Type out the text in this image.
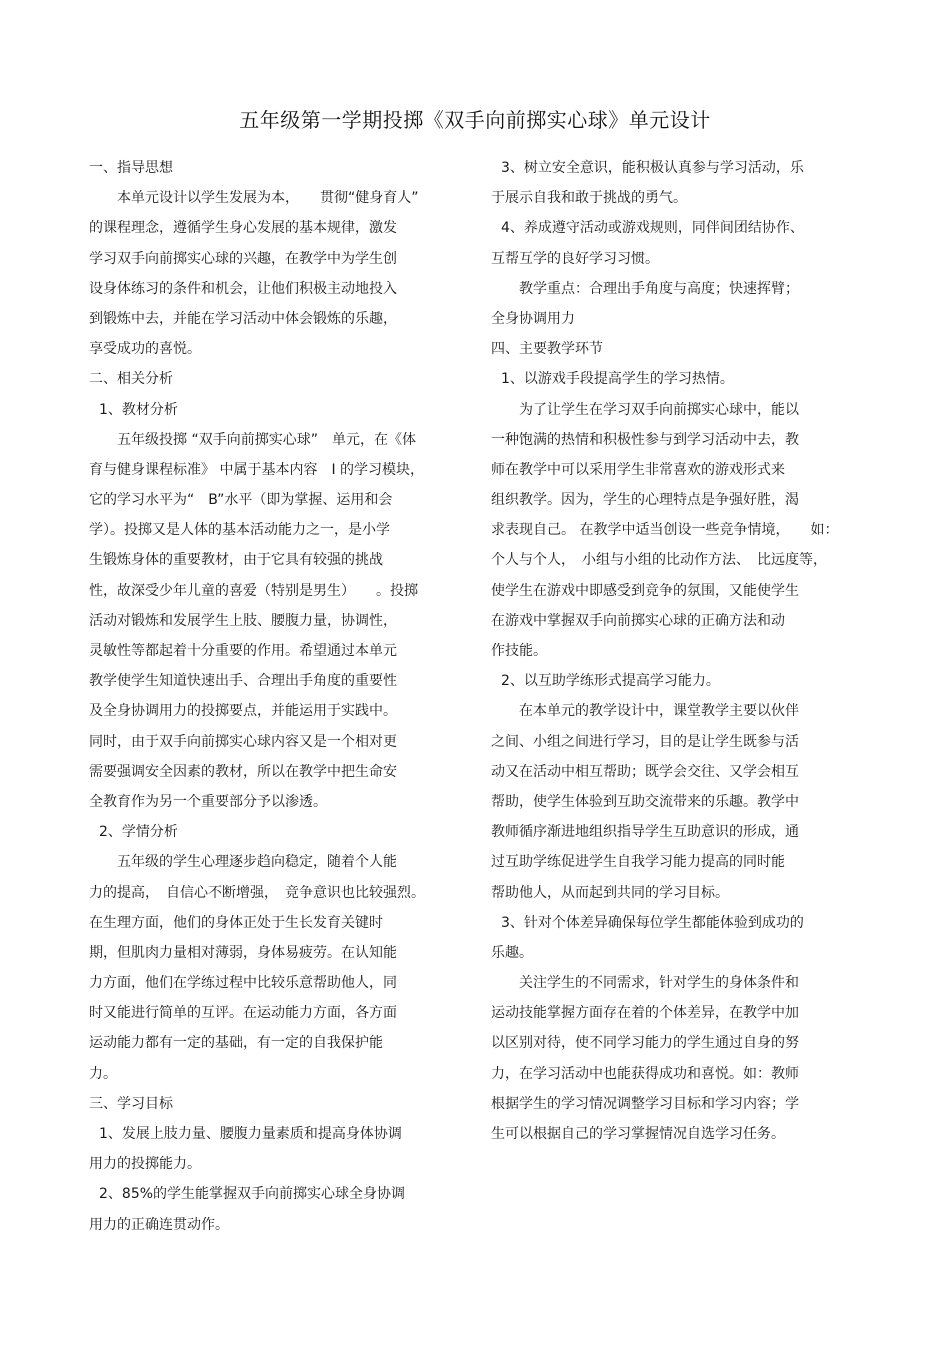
五年级第一学期投掷《双手向前掷实心球》单元设计
一、指导思想
本单元设计以学生发展为本，　　贯彻“健身育人”
的课程理念，遵循学生身心发展的基本规律，激发
学习双手向前掷实心球的兴趣，在教学中为学生创
设身体练习的条件和机会，让他们积极主动地投入
到锻炼中去，并能在学习活动中体会锻炼的乐趣，
享受成功的喜悦。
二、相关分析
1、教材分析
五年级投掷 “双手向前掷实心球”　单元，在《体
育与健身课程标准》 中属于基本内容　Ⅰ 的学习模块，
它的学习水平为“　B”水平（即为掌握、运用和会
学）。投掷又是人体的基本活动能力之一，是小学
生锻炼身体的重要教材，由于它具有较强的挑战
性，故深受少年儿童的喜爱（特别是男生）　　。投掷
活动对锻炼和发展学生上肢、腰腹力量，协调性，
灵敏性等都起着十分重要的作用。希望通过本单元
教学使学生知道快速出手、合理出手角度的重要性
及全身协调用力的投掷要点，并能运用于实践中。
同时，由于双手向前掷实心球内容又是一个相对更
需要强调安全因素的教材，所以在教学中把生命安
全教育作为另一个重要部分予以渗透。
2、学情分析
五年级的学生心理逐步趋向稳定，随着个人能
力的提高，　自信心不断增强，　竞争意识也比较强烈。
在生理方面，他们的身体正处于生长发育关键时
期，但肌肉力量相对薄弱，身体易疲劳。在认知能
力方面，他们在学练过程中比较乐意帮助他人，同
时又能进行简单的互评。在运动能力方面，各方面
运动能力都有一定的基础，有一定的自我保护能
力。
三、学习目标
1、发展上肢力量、腰腹力量素质和提高身体协调
用力的投掷能力。
2、85%的学生能掌握双手向前掷实心球全身协调
用力的正确连贯动作。
3、树立安全意识，能积极认真参与学习活动，乐
于展示自我和敢于挑战的勇气。
4、养成遵守活动或游戏规则，同伴间团结协作、
互帮互学的良好学习习惯。
教学重点：合理出手角度与高度；快速挥臂；
全身协调用力
四、主要教学环节
1、以游戏手段提高学生的学习热情。
为了让学生在学习双手向前掷实心球中，能以
一种饱满的热情和积极性参与到学习活动中去，教
师在教学中可以采用学生非常喜欢的游戏形式来
组织教学。因为，学生的心理特点是争强好胜，渴
求表现自己。 在教学中适当创设一些竞争情境，　　如：
个人与个人，　小组与小组的比动作方法、　比远度等，
使学生在游戏中即感受到竞争的氛围，又能使学生
在游戏中掌握双手向前掷实心球的正确方法和动
作技能。
2、以互助学练形式提高学习能力。
在本单元的教学设计中，课堂教学主要以伙伴
之间、小组之间进行学习，目的是让学生既参与活
动又在活动中相互帮助；既学会交往、又学会相互
帮助，使学生体验到互助交流带来的乐趣。教学中
教师循序渐进地组织指导学生互助意识的形成，通
过互助学练促进学生自我学习能力提高的同时能
帮助他人，从而起到共同的学习目标。
3、针对个体差异确保每位学生都能体验到成功的
乐趣。
关注学生的不同需求，针对学生的身体条件和
运动技能掌握方面存在着的个体差异，在教学中加
以区别对待，使不同学习能力的学生通过自身的努
力，在学习活动中也能获得成功和喜悦。如：教师
根据学生的学习情况调整学习目标和学习内容；学
生可以根据自己的学习掌握情况自选学习任务。
